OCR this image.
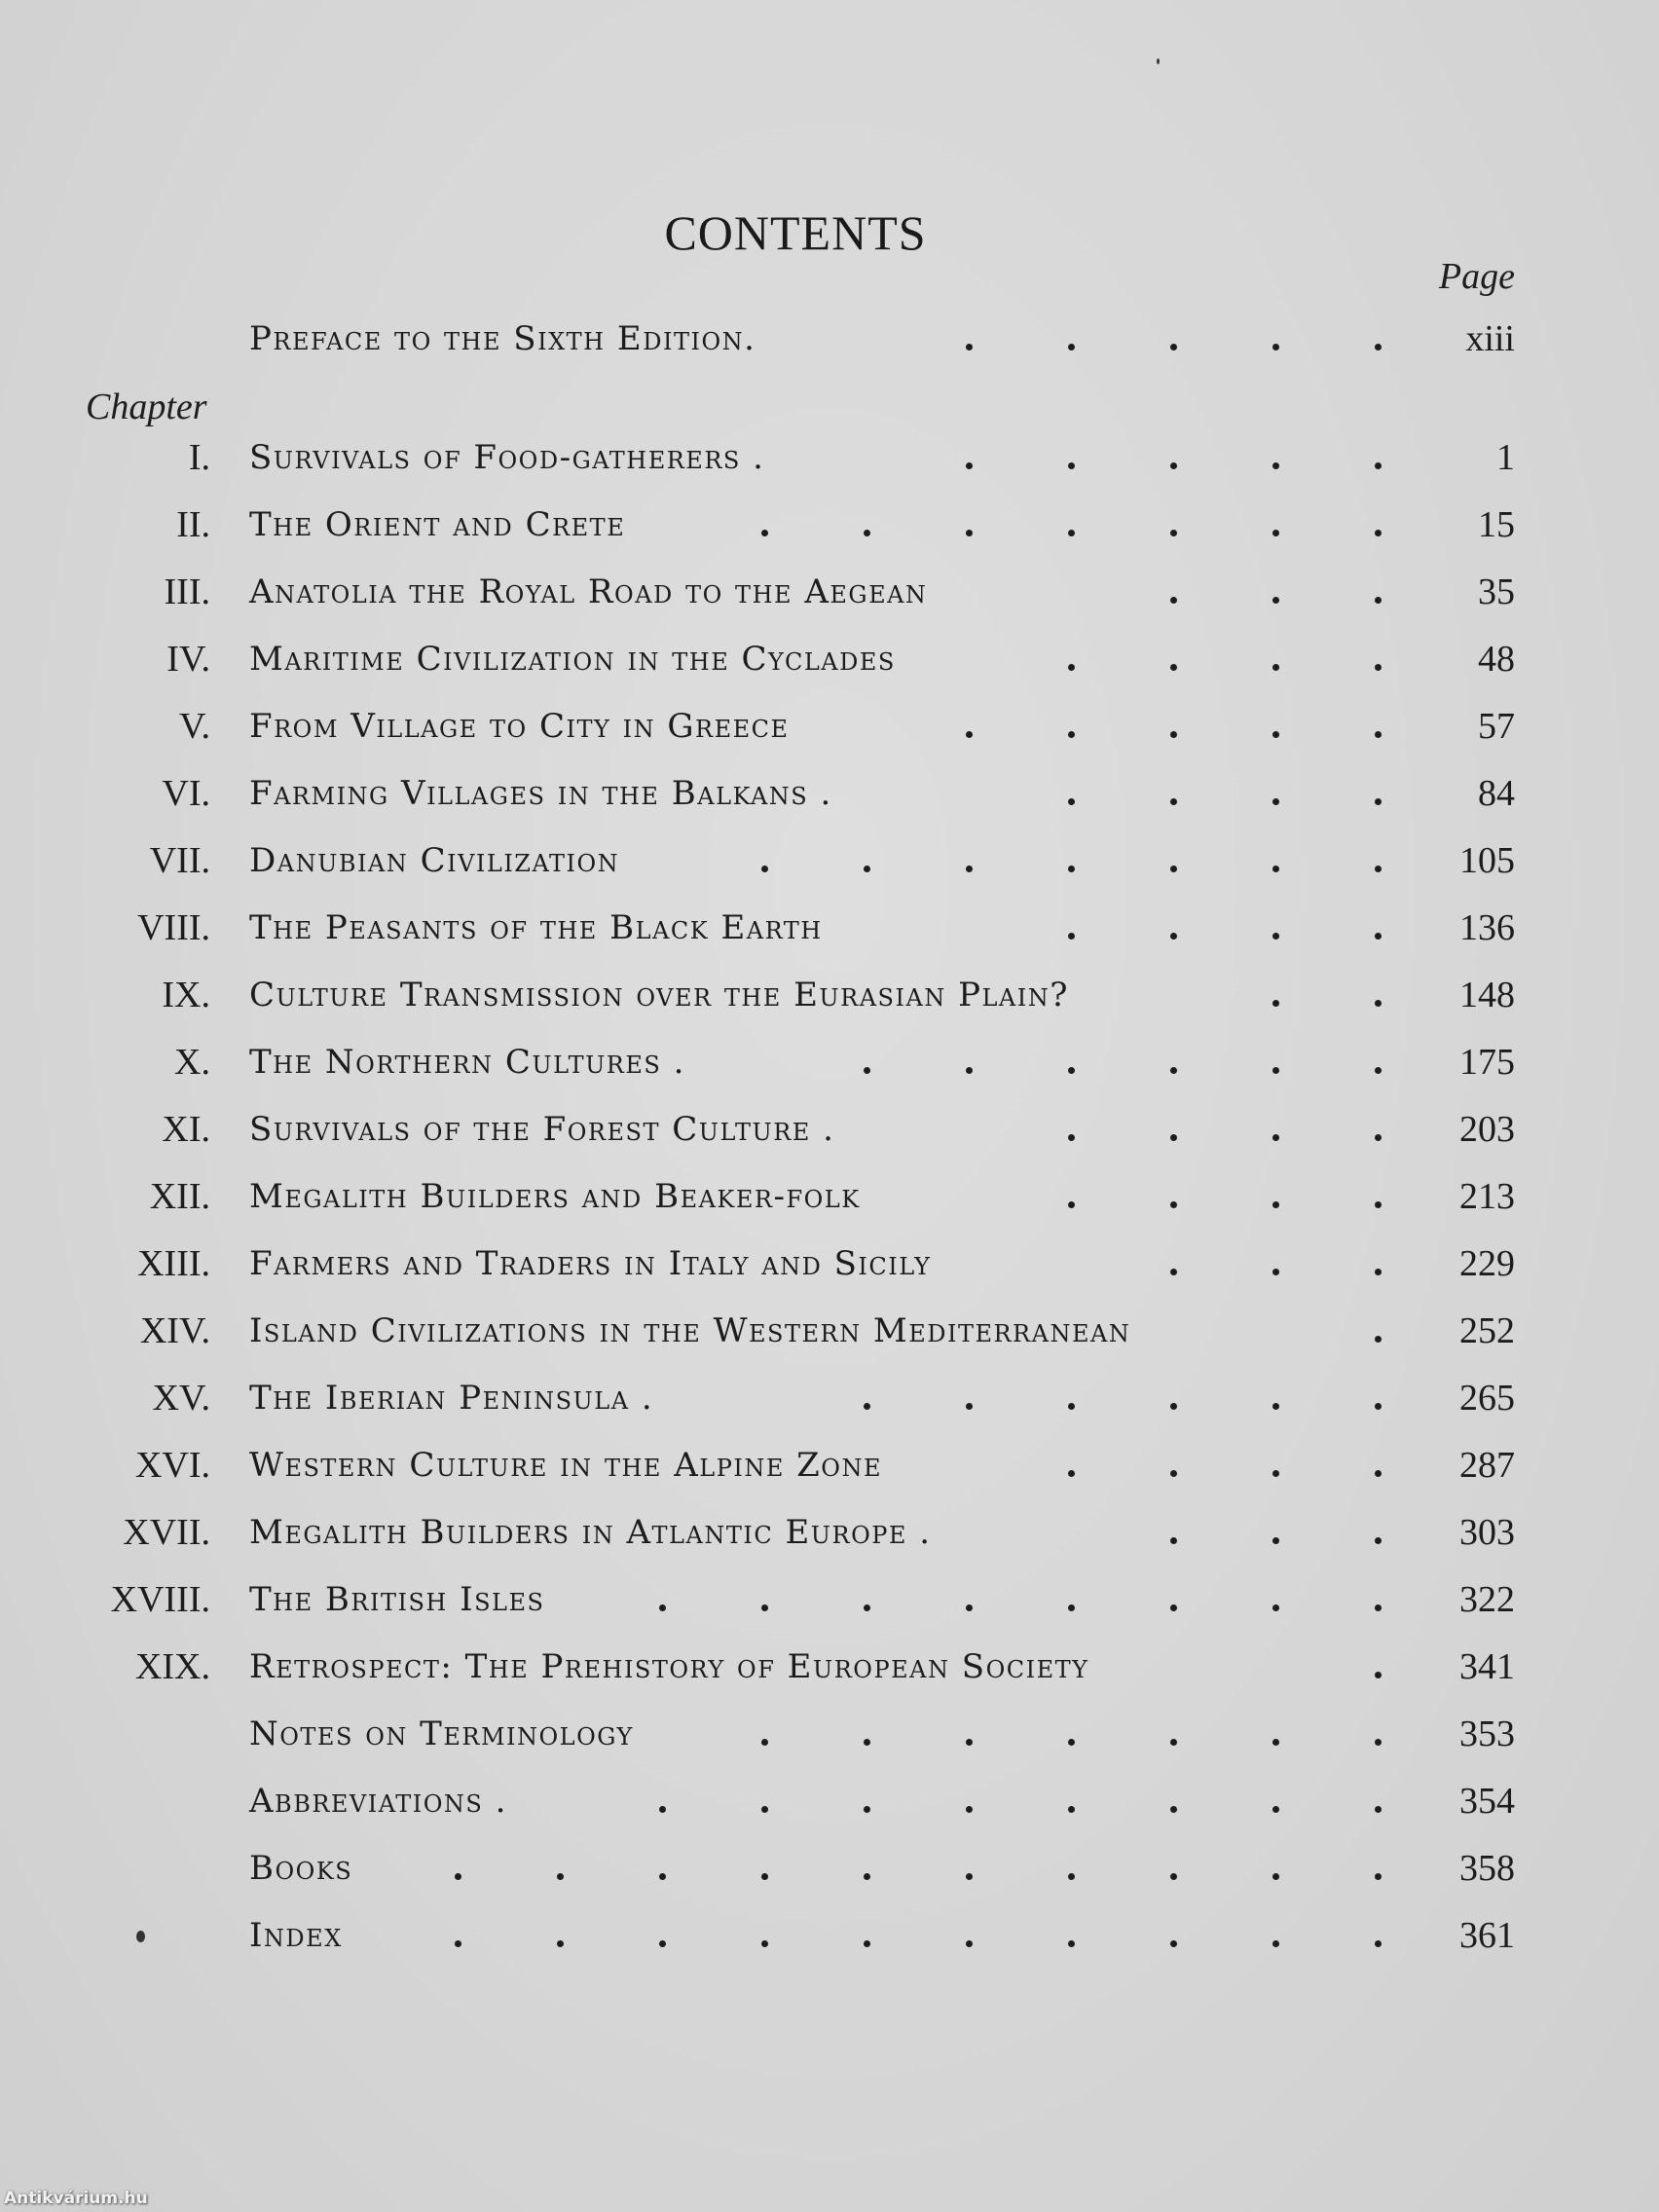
CONTENTS
Page
Preface to the Sixth Edition.	xiii
Chapter
I. Survivals of Food-gatherers .	1
II. The Orient and Crete	15
III. Anatolia the Royal Road to the Aegean	35
IV. Maritime Civilization in the Cyclades	48
V. From Village to City in Greece	57
VI. Farming Villages in the Balkans .	84
VII. Danubian Civilization	105
VIII. The Peasants of the Black Earth	136
IX. Culture Transmission over the Eurasian Plain?	148
X. The Northern Cultures .	175
XI. Survivals of the Forest Culture .	203
XII. Megalith Builders and Beaker-folk	213
XIII. Farmers and Traders in Italy and Sicily	229
XIV. Island Civilizations in the Western Mediterranean	252
XV. The Iberian Peninsula .	265
XVI. Western Culture in the Alpine Zone	287
XVII. Megalith Builders in Atlantic Europe .	303
XVIII. The British Isles	322
XIX. Retrospect: The Prehistory of European Society	341
Notes on Terminology	353
Abbreviations .	354
Books	358
Index	361
Antikvárium.hu
